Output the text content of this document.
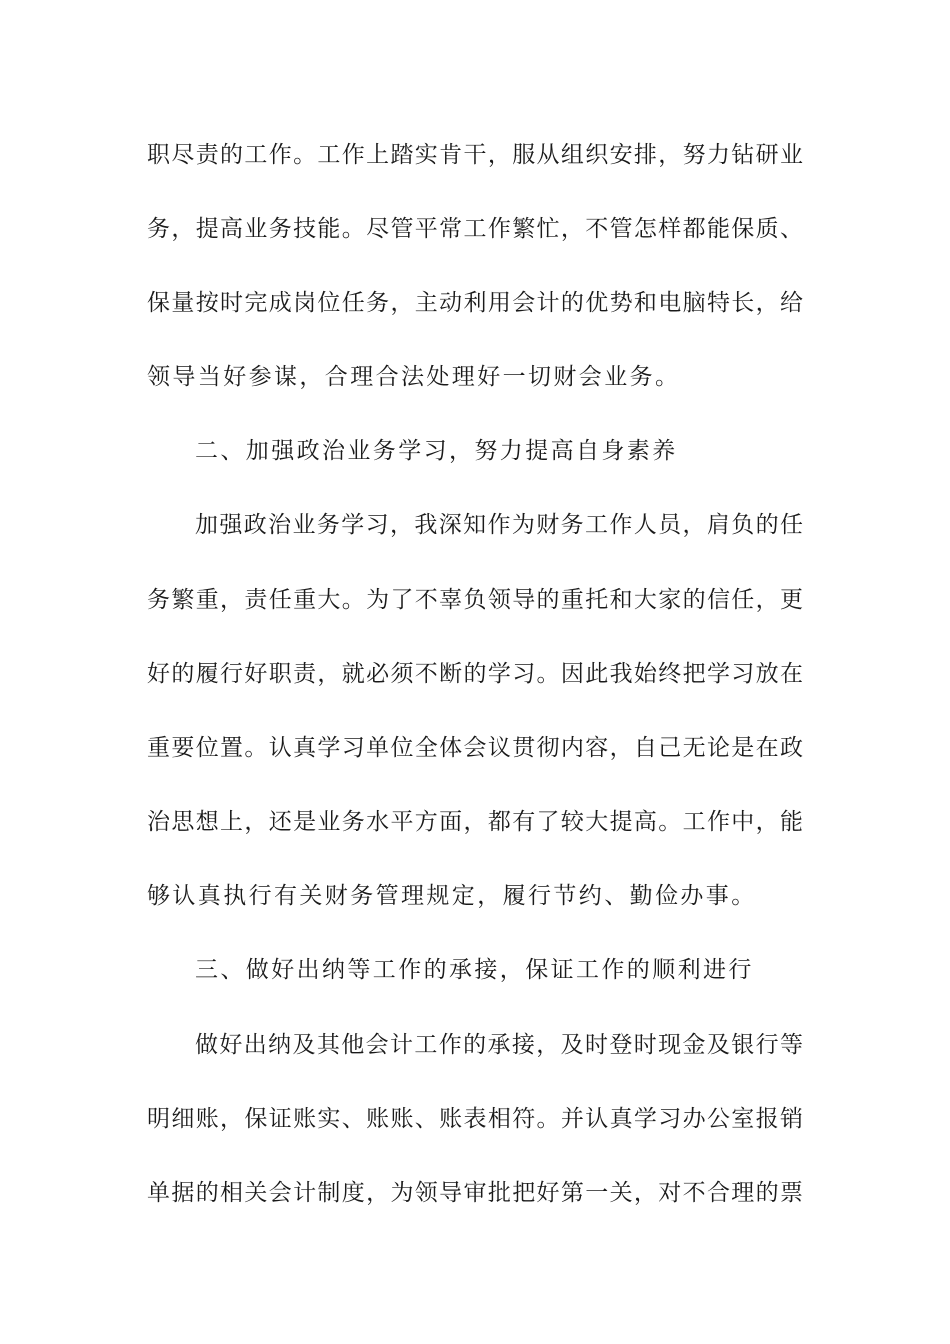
职尽责的工作。工作上踏实肯干，服从组织安排，努力钻研业
务，提高业务技能。尽管平常工作繁忙，不管怎样都能保质、
保量按时完成岗位任务，主动利用会计的优势和电脑特长，给
领导当好参谋，合理合法处理好一切财会业务。
二、加强政治业务学习，努力提高自身素养
加强政治业务学习，我深知作为财务工作人员，肩负的任
务繁重，责任重大。为了不辜负领导的重托和大家的信任，更
好的履行好职责，就必须不断的学习。因此我始终把学习放在
重要位置。认真学习单位全体会议贯彻内容，自己无论是在政
治思想上，还是业务水平方面，都有了较大提高。工作中，能
够认真执行有关财务管理规定，履行节约、勤俭办事。
三、做好出纳等工作的承接，保证工作的顺利进行
做好出纳及其他会计工作的承接，及时登时现金及银行等
明细账，保证账实、账账、账表相符。并认真学习办公室报销
单据的相关会计制度，为领导审批把好第一关，对不合理的票
